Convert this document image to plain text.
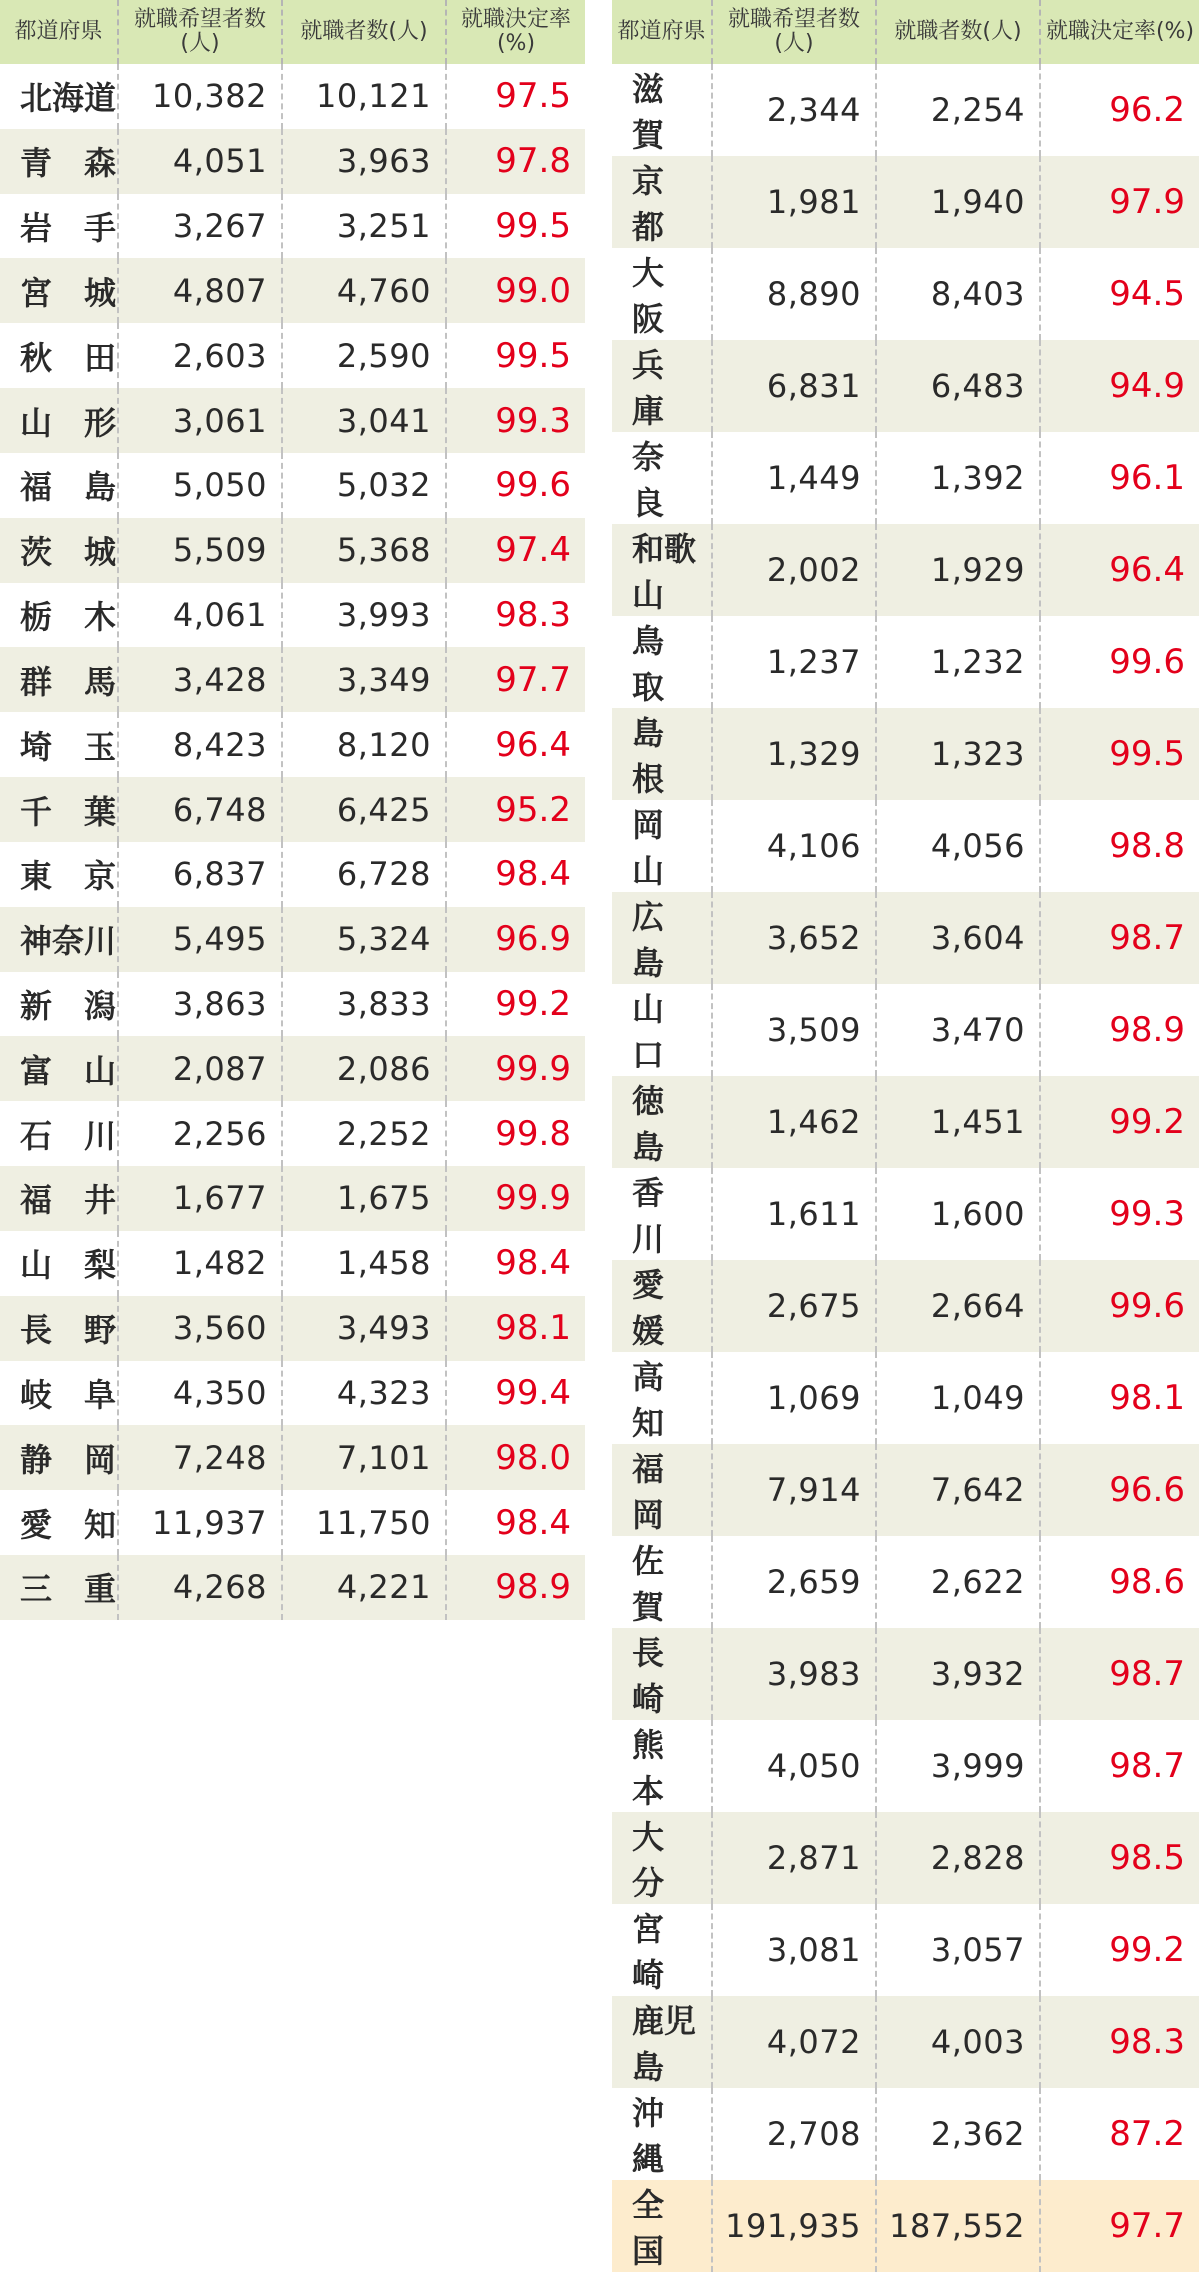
都道府県	就職希望者数(人)	就職者数(人)	就職決定率(%)
北海道	10,382	10,121	97.5
青　森	4,051	3,963	97.8
岩　手	3,267	3,251	99.5
宮　城	4,807	4,760	99.0
秋　田	2,603	2,590	99.5
山　形	3,061	3,041	99.3
福　島	5,050	5,032	99.6
茨　城	5,509	5,368	97.4
栃　木	4,061	3,993	98.3
群　馬	3,428	3,349	97.7
埼　玉	8,423	8,120	96.4
千　葉	6,748	6,425	95.2
東　京	6,837	6,728	98.4
神奈川	5,495	5,324	96.9
新　潟	3,863	3,833	99.2
富　山	2,087	2,086	99.9
石　川	2,256	2,252	99.8
福　井	1,677	1,675	99.9
山　梨	1,482	1,458	98.4
長　野	3,560	3,493	98.1
岐　阜	4,350	4,323	99.4
静　岡	7,248	7,101	98.0
愛　知	11,937	11,750	98.4
三　重	4,268	4,221	98.9
都道府県	就職希望者数(人)	就職者数(人)	就職決定率(%)
滋　賀	2,344	2,254	96.2
京　都	1,981	1,940	97.9
大　阪	8,890	8,403	94.5
兵　庫	6,831	6,483	94.9
奈　良	1,449	1,392	96.1
和歌山	2,002	1,929	96.4
鳥　取	1,237	1,232	99.6
島　根	1,329	1,323	99.5
岡　山	4,106	4,056	98.8
広　島	3,652	3,604	98.7
山　口	3,509	3,470	98.9
徳　島	1,462	1,451	99.2
香　川	1,611	1,600	99.3
愛　媛	2,675	2,664	99.6
高　知	1,069	1,049	98.1
福　岡	7,914	7,642	96.6
佐　賀	2,659	2,622	98.6
長　崎	3,983	3,932	98.7
熊　本	4,050	3,999	98.7
大　分	2,871	2,828	98.5
宮　崎	3,081	3,057	99.2
鹿児島	4,072	4,003	98.3
沖　縄	2,708	2,362	87.2
全　国	191,935	187,552	97.7
